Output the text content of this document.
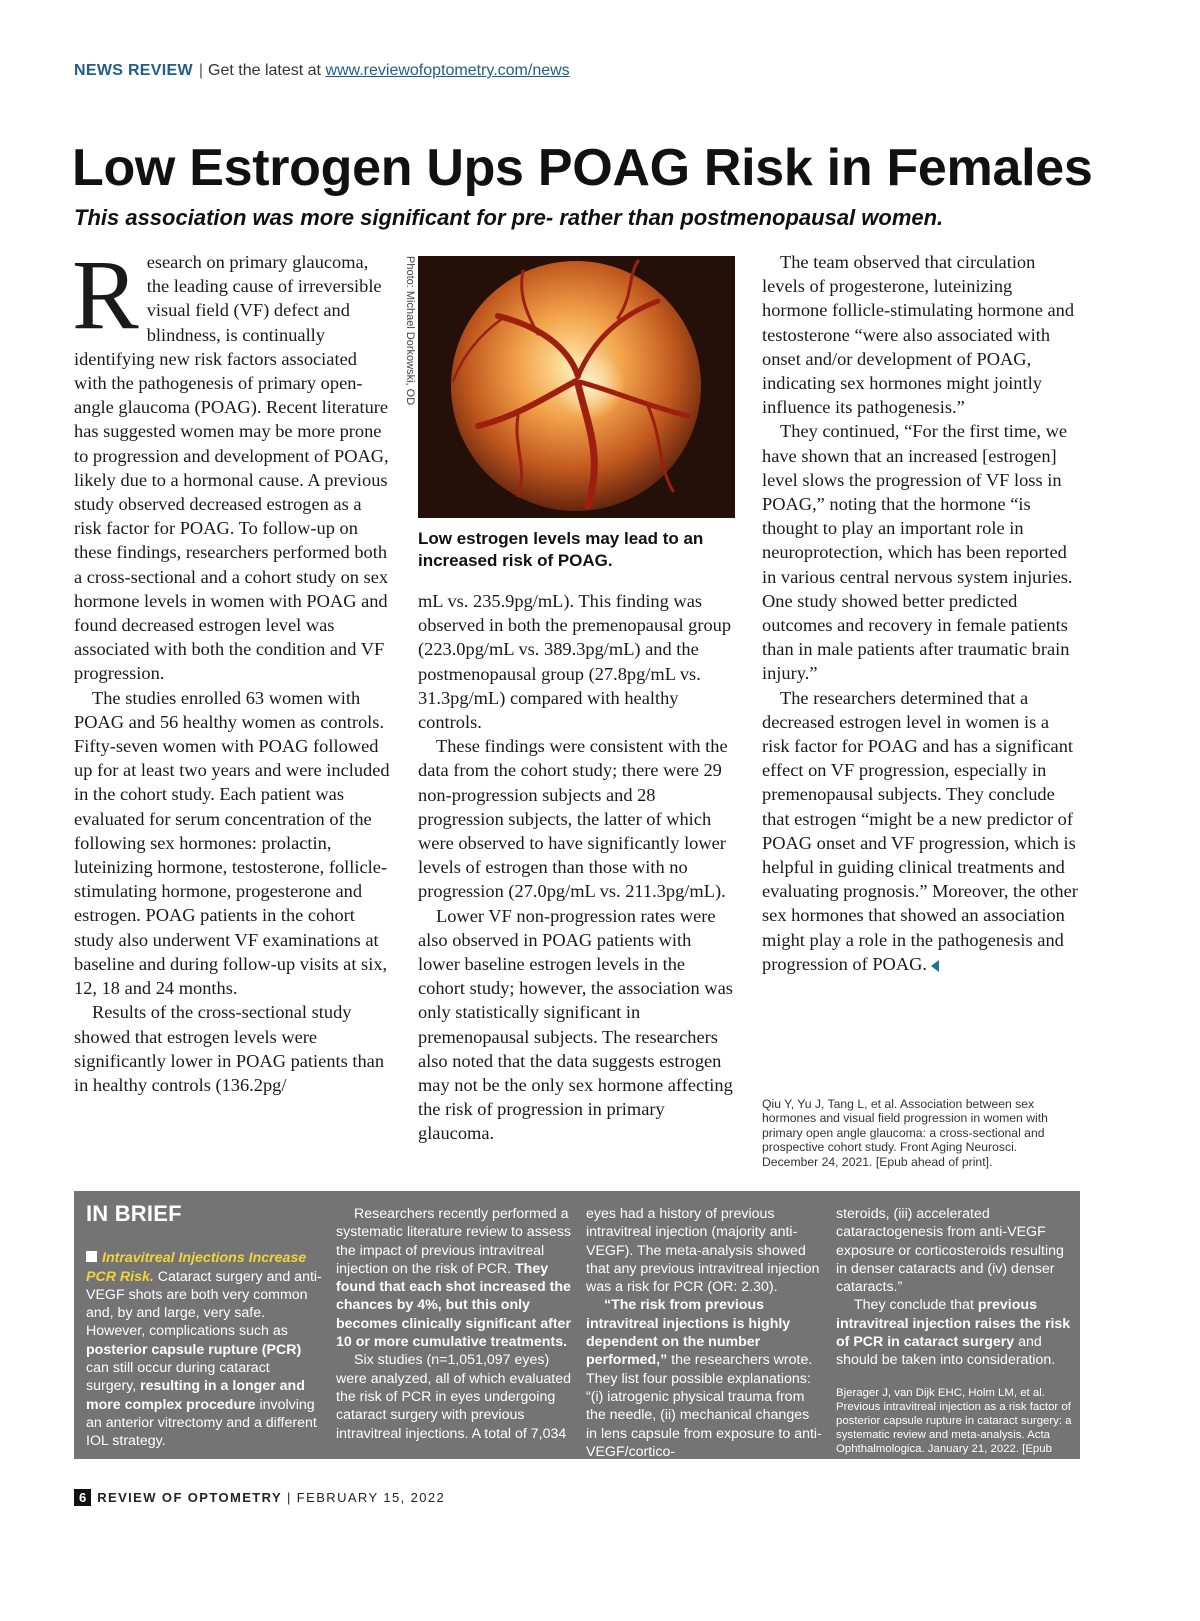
NEWS REVIEW | Get the latest at www.reviewofoptometry.com/news
Low Estrogen Ups POAG Risk in Females
This association was more significant for pre- rather than postmenopausal women.

Research on primary glaucoma, the leading cause of irreversible visual field (VF) defect and blindness, is continually identifying new risk factors associated with the pathogenesis of primary open-angle glaucoma (POAG). Recent literature has suggested women may be more prone to progression and development of POAG, likely due to a hormonal cause. A previous study observed decreased estrogen as a risk factor for POAG. To follow-up on these findings, researchers performed both a cross-sectional and a cohort study on sex hormone levels in women with POAG and found decreased estrogen level was associated with both the condition and VF progression.

The studies enrolled 63 women with POAG and 56 healthy women as controls. Fifty-seven women with POAG followed up for at least two years and were included in the cohort study. Each patient was evaluated for serum concentration of the following sex hormones: prolactin, luteinizing hormone, testosterone, follicle-stimulating hormone, progesterone and estrogen. POAG patients in the cohort study also underwent VF examinations at baseline and during follow-up visits at six, 12, 18 and 24 months.

Results of the cross-sectional study showed that estrogen levels were significantly lower in POAG patients than in healthy controls (136.2pg/

Photo: Michael Dorkowski, OD

Low estrogen levels may lead to an increased risk of POAG.

mL vs. 235.9pg/mL). This finding was observed in both the premenopausal group (223.0pg/mL vs. 389.3pg/mL) and the postmenopausal group (27.8pg/mL vs. 31.3pg/mL) compared with healthy controls.

These findings were consistent with the data from the cohort study; there were 29 non-progression subjects and 28 progression subjects, the latter of which were observed to have significantly lower levels of estrogen than those with no progression (27.0pg/mL vs. 211.3pg/mL).

Lower VF non-progression rates were also observed in POAG patients with lower baseline estrogen levels in the cohort study; however, the association was only statistically significant in premenopausal subjects. The researchers also noted that the data suggests estrogen may not be the only sex hormone affecting the risk of progression in primary glaucoma.

The team observed that circulation levels of progesterone, luteinizing hormone follicle-stimulating hormone and testosterone “were also associated with onset and/or development of POAG, indicating sex hormones might jointly influence its pathogenesis.”

They continued, “For the first time, we have shown that an increased [estrogen] level slows the progression of VF loss in POAG,” noting that the hormone “is thought to play an important role in neuroprotection, which has been reported in various central nervous system injuries. One study showed better predicted outcomes and recovery in female patients than in male patients after traumatic brain injury.”

The researchers determined that a decreased estrogen level in women is a risk factor for POAG and has a significant effect on VF progression, especially in premenopausal subjects. They conclude that estrogen “might be a new predictor of POAG onset and VF progression, which is helpful in guiding clinical treatments and evaluating prognosis.” Moreover, the other sex hormones that showed an association might play a role in the pathogenesis and progression of POAG.

Qiu Y, Yu J, Tang L, et al. Association between sex hormones and visual field progression in women with primary open angle glaucoma: a cross-sectional and prospective cohort study. Front Aging Neurosci. December 24, 2021. [Epub ahead of print].

IN BRIEF

Intravitreal Injections Increase PCR Risk. Cataract surgery and anti-VEGF shots are both very common and, by and large, very safe. However, complications such as posterior capsule rupture (PCR) can still occur during cataract surgery, resulting in a longer and more complex procedure involving an anterior vitrectomy and a different IOL strategy.

Researchers recently performed a systematic literature review to assess the impact of previous intravitreal injection on the risk of PCR. They found that each shot increased the chances by 4%, but this only becomes clinically significant after 10 or more cumulative treatments.

Six studies (n=1,051,097 eyes) were analyzed, all of which evaluated the risk of PCR in eyes undergoing cataract surgery with previous intravitreal injections. A total of 7,034

eyes had a history of previous intravitreal injection (majority anti-VEGF). The meta-analysis showed that any previous intravitreal injection was a risk for PCR (OR: 2.30).

“The risk from previous intravitreal injections is highly dependent on the number performed,” the researchers wrote. They list four possible explanations: “(i) iatrogenic physical trauma from the needle, (ii) mechanical changes in lens capsule from exposure to anti-VEGF/cortico-

steroids, (iii) accelerated cataractogenesis from anti-VEGF exposure or corticosteroids resulting in denser cataracts and (iv) denser cataracts.”

They conclude that previous intravitreal injection raises the risk of PCR in cataract surgery and should be taken into consideration.

Bjerager J, van Dijk EHC, Holm LM, et al. Previous intravitreal injection as a risk factor of posterior capsule rupture in cataract surgery: a systematic review and meta-analysis. Acta Ophthalmologica. January 21, 2022. [Epub ahead of print].

6 REVIEW OF OPTOMETRY | FEBRUARY 15, 2022
